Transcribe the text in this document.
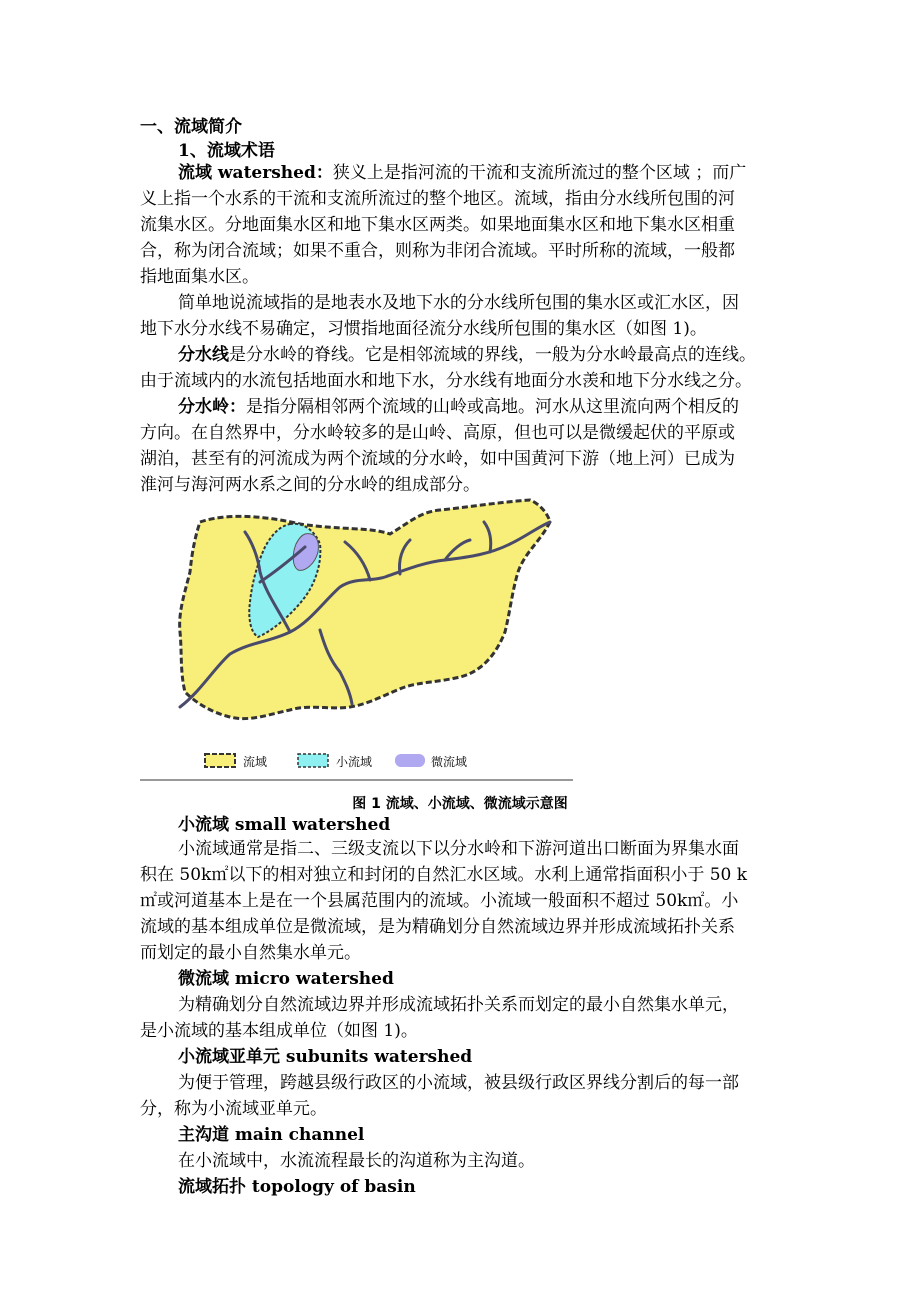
一、流域简介
1、流域术语
流域 watershed：狭义上是指河流的干流和支流所流过的整个区域 ；而广
义上指一个水系的干流和支流所流过的整个地区。流域，指由分水线所包围的河
流集水区。分地面集水区和地下集水区两类。如果地面集水区和地下集水区相重
合，称为闭合流域；如果不重合，则称为非闭合流域。平时所称的流域，一般都
指地面集水区。
简单地说流域指的是地表水及地下水的分水线所包围的集水区或汇水区，因
地下水分水线不易确定，习惯指地面径流分水线所包围的集水区（如图 1)。
分水线是分水岭的脊线。它是相邻流域的界线，一般为分水岭最高点的连线。
由于流域内的水流包括地面水和地下水，分水线有地面分水羡和地下分水线之分。
分水岭：是指分隔相邻两个流域的山岭或高地。河水从这里流向两个相反的
方向。在自然界中，分水岭较多的是山岭、高原，但也可以是微缓起伏的平原或
湖泊，甚至有的河流成为两个流域的分水岭，如中国黄河下游（地上河）已成为
淮河与海河两水系之间的分水岭的组成部分。
流域	小流域	微流域
图 1 流域、小流域、微流域示意图
小流域 small watershed
小流域通常是指二、三级支流以下以分水岭和下游河道出口断面为界集水面
积在 50k㎡以下的相对独立和封闭的自然汇水区域。水利上通常指面积小于 50 k
㎡或河道基本上是在一个县属范围内的流域。小流域一般面积不超过 50k㎡。小
流域的基本组成单位是微流域，是为精确划分自然流域边界并形成流域拓扑关系
而划定的最小自然集水单元。
微流域 micro watershed
为精确划分自然流域边界并形成流域拓扑关系而划定的最小自然集水单元，
是小流域的基本组成单位（如图 1)。
小流域亚单元 subunits watershed
为便于管理，跨越县级行政区的小流域，被县级行政区界线分割后的每一部
分，称为小流域亚单元。
主沟道 main channel
在小流域中，水流流程最长的沟道称为主沟道。
流域拓扑 topology of basin
